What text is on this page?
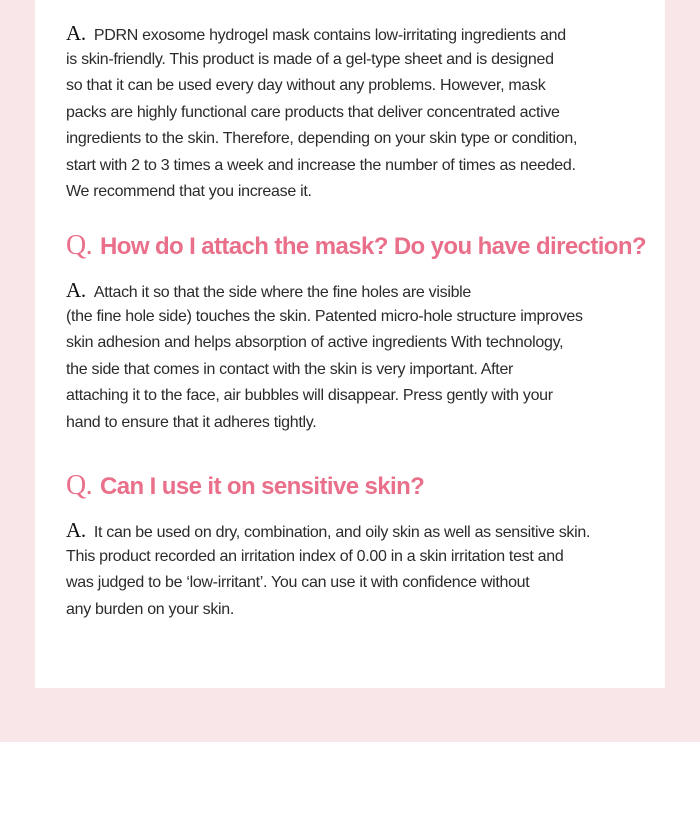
A. PDRN exosome hydrogel mask contains low-irritating ingredients and
is skin-friendly. This product is made of a gel-type sheet and is designed
so that it can be used every day without any problems. However, mask
packs are highly functional care products that deliver concentrated active
ingredients to the skin. Therefore, depending on your skin type or condition,
start with 2 to 3 times a week and increase the number of times as needed.
We recommend that you increase it.

Q. How do I attach the mask? Do you have direction?

A. Attach it so that the side where the fine holes are visible
(the fine hole side) touches the skin. Patented micro-hole structure improves
skin adhesion and helps absorption of active ingredients With technology,
the side that comes in contact with the skin is very important. After
attaching it to the face, air bubbles will disappear. Press gently with your
hand to ensure that it adheres tightly.

Q. Can I use it on sensitive skin?

A. It can be used on dry, combination, and oily skin as well as sensitive skin.
This product recorded an irritation index of 0.00 in a skin irritation test and
was judged to be ‘low-irritant’. You can use it with confidence without
any burden on your skin.
